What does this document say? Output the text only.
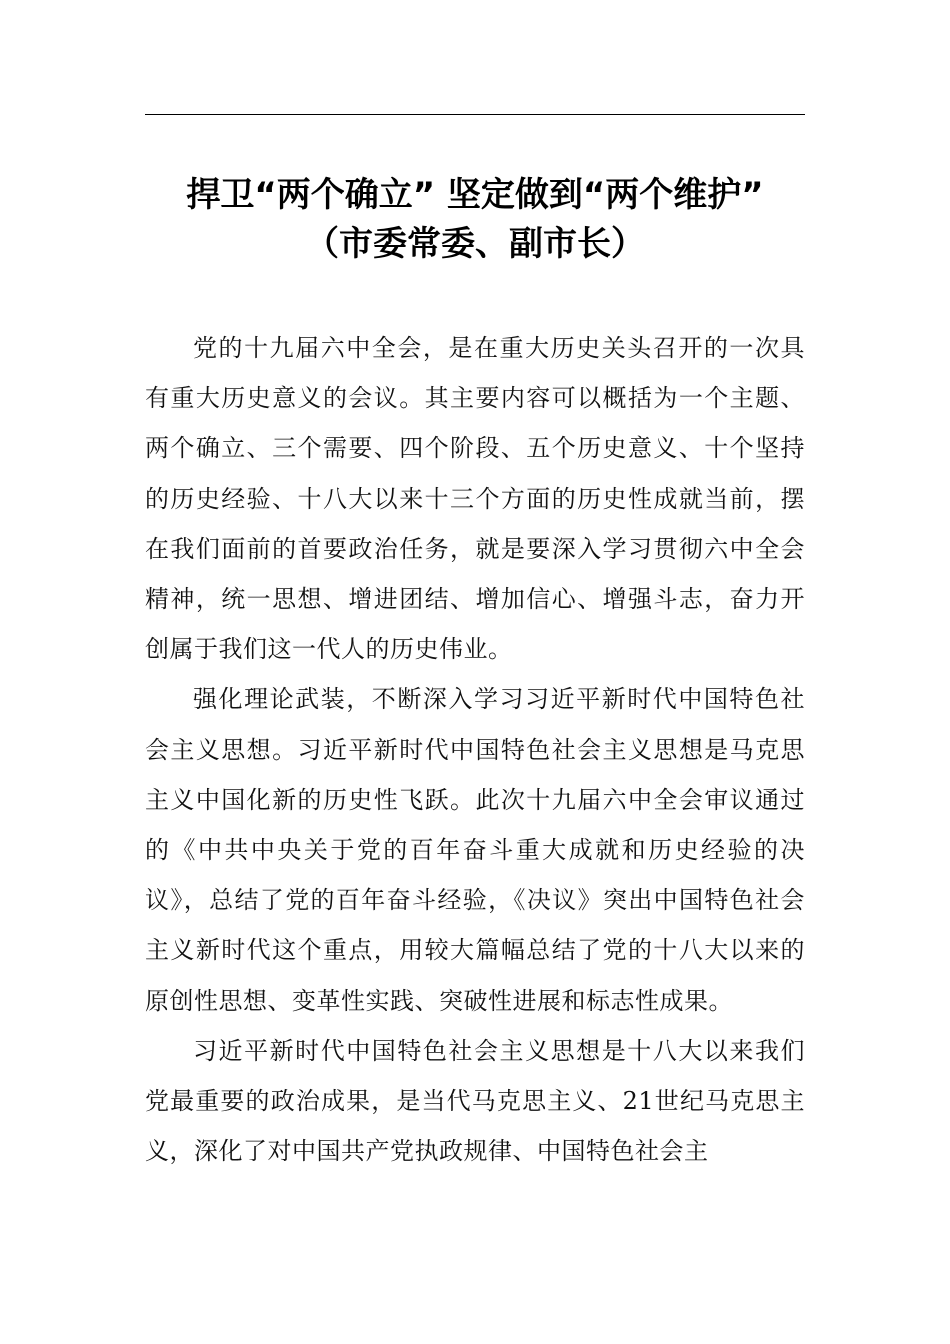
捍卫“两个确立” 坚定做到“两个维护”
（市委常委、副市长）

党的十九届六中全会，是在重大历史关头召开的一次具有重大历史意义的会议。其主要内容可以概括为一个主题、两个确立、三个需要、四个阶段、五个历史意义、十个坚持的历史经验、十八大以来十三个方面的历史性成就当前，摆在我们面前的首要政治任务，就是要深入学习贯彻六中全会精神，统一思想、增进团结、增加信心、增强斗志，奋力开创属于我们这一代人的历史伟业。

强化理论武装，不断深入学习习近平新时代中国特色社会主义思想。习近平新时代中国特色社会主义思想是马克思主义中国化新的历史性飞跃。此次十九届六中全会审议通过的《中共中央关于党的百年奋斗重大成就和历史经验的决议》，总结了党的百年奋斗经验，《决议》突出中国特色社会主义新时代这个重点，用较大篇幅总结了党的十八大以来的原创性思想、变革性实践、突破性进展和标志性成果。

习近平新时代中国特色社会主义思想是十八大以来我们党最重要的政治成果，是当代马克思主义、21世纪马克思主义，深化了对中国共产党执政规律、中国特色社会主
